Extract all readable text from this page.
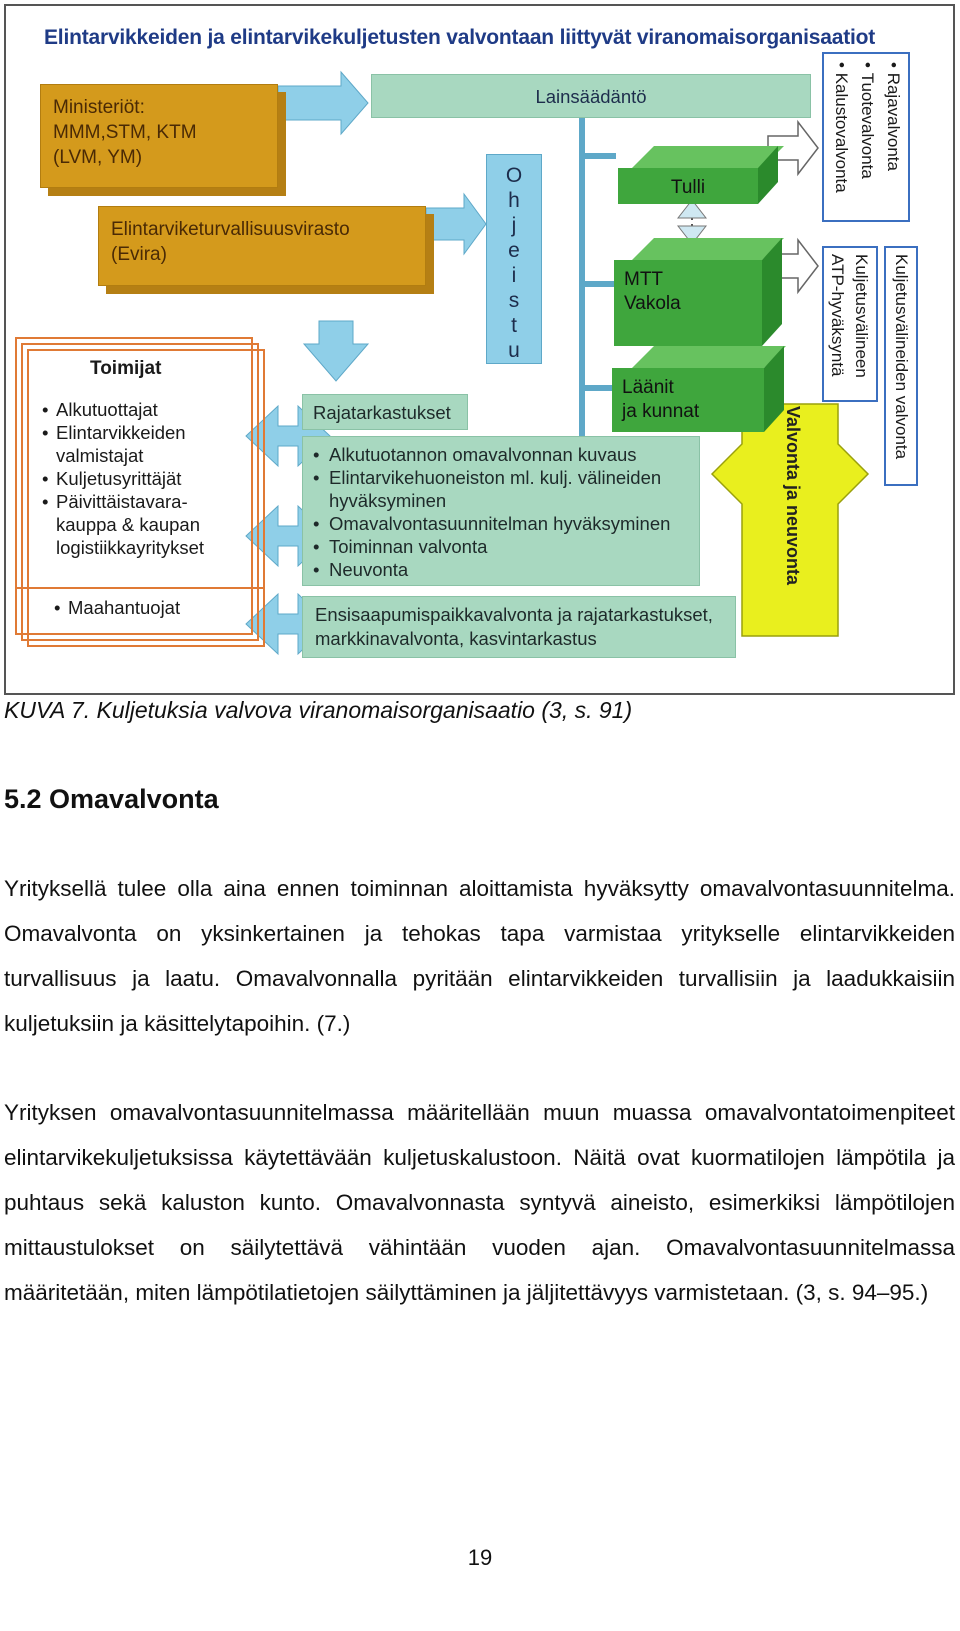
Elintarvikkeiden ja elintarvikekuljetusten valvontaan liittyvät viranomaisorganisaatiot
Ministeriöt:
MMM,STM, KTM
(LVM, YM)
Elintarviketurvallisuusvirasto
(Evira)
Lainsäädäntö
O
h
j
e
i
s
t
u
Tulli
MTT
Vakola
Läänit
ja kunnat
• Rajavalvonta
• Tuotevalvonta
• Kalustovalvonta
Kuljetusvälineen
ATP-hyväksyntä	Kuljetusvälineiden valvonta
Valvonta ja neuvonta
Toimijat
• Alkutuottajat
• Elintarvikkeiden
valmistajat
• Kuljetusyrittäjät
• Päivittäistavara-
kauppa & kaupan
logistiikkayritykset
• Maahantuojat
Rajatarkastukset
• Alkutuotannon omavalvonnan kuvaus
• Elintarvikehuoneiston ml. kulj. välineiden
hyväksyminen
• Omavalvontasuunnitelman hyväksyminen
• Toiminnan valvonta
• Neuvonta
Ensisaapumispaikkavalvonta ja rajatarkastukset,
markkinavalvonta, kasvintarkastus
KUVA 7. Kuljetuksia valvova viranomaisorganisaatio (3, s. 91)
5.2 Omavalvonta

Yrityksellä tulee olla aina ennen toiminnan aloittamista hyväksytty omavalvontasuunnitelma. Omavalvonta on yksinkertainen ja tehokas tapa varmistaa yritykselle elintarvikkeiden turvallisuus ja laatu. Omavalvonnalla pyritään elintarvikkeiden turvallisiin ja laadukkaisiin kuljetuksiin ja käsittelytapoihin. (7.)

Yrityksen omavalvontasuunnitelmassa määritellään muun muassa omavalvontatoimenpiteet elintarvikekuljetuksissa käytettävään kuljetuskalustoon. Näitä ovat kuormatilojen lämpötila ja puhtaus sekä kaluston kunto. Omavalvonnasta syntyvä aineisto, esimerkiksi lämpötilojen mittaustulokset on säilytettävä vähintään vuoden ajan. Omavalvontasuunnitelmassa määritetään, miten lämpötilatietojen säilyttäminen ja jäljitettävyys varmistetaan. (3, s. 94–95.)

19
